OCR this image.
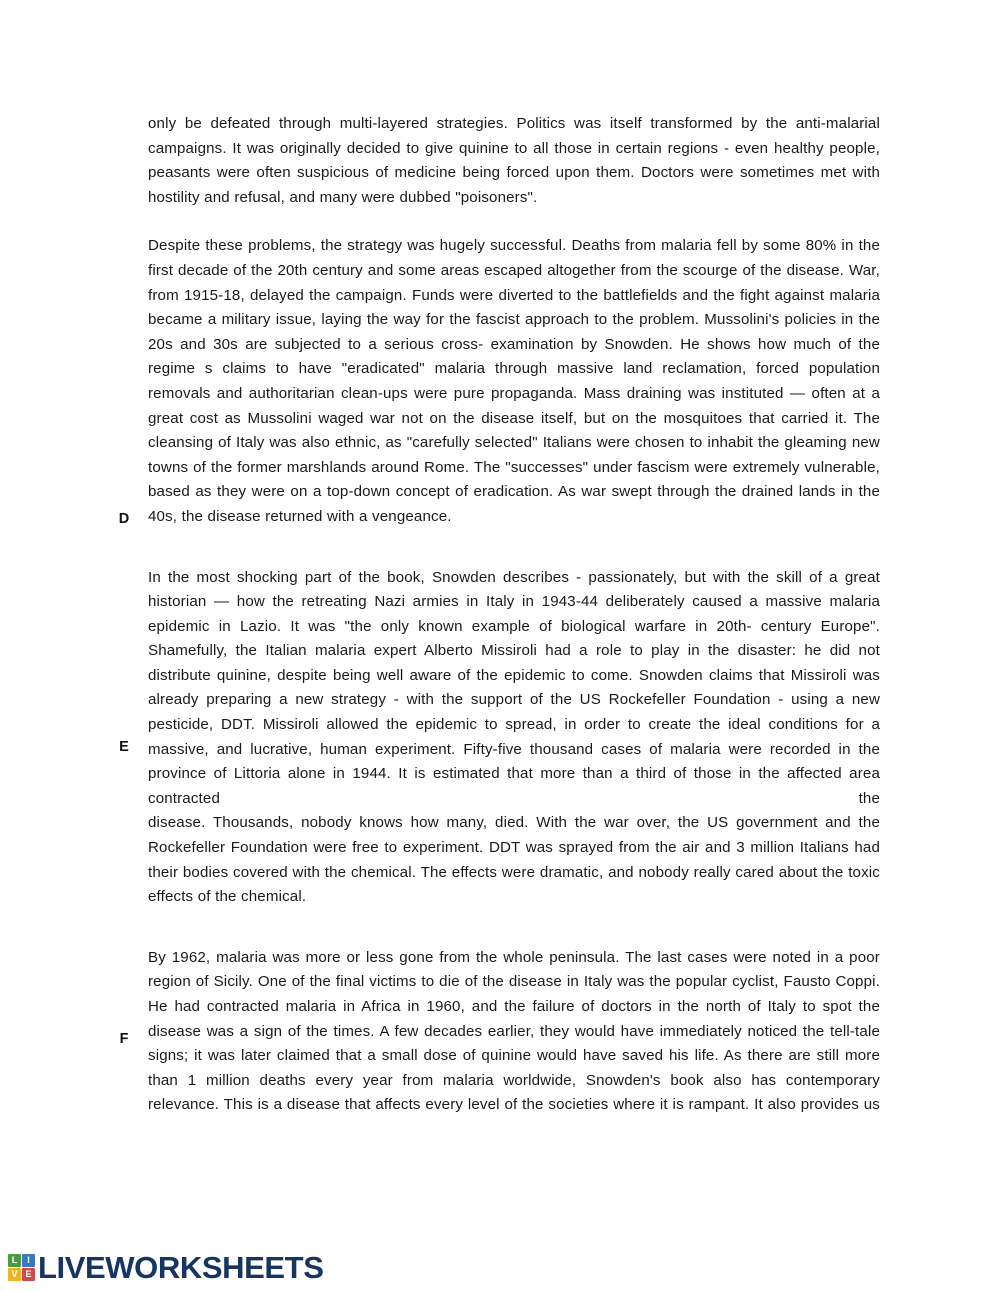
only be defeated through multi-layered strategies. Politics was itself transformed by the anti-malarial campaigns. It was originally decided to give quinine to all those in certain regions - even healthy people, peasants were often suspicious of medicine being forced upon them. Doctors were sometimes met with hostility and refusal, and many were dubbed "poisoners".

D

Despite these problems, the strategy was hugely successful. Deaths from malaria fell by some 80% in the first decade of the 20th century and some areas escaped altogether from the scourge of the disease. War, from 1915-18, delayed the campaign. Funds were diverted to the battlefields and the fight against malaria became a military issue, laying the way for the fascist approach to the problem. Mussolini's policies in the 20s and 30s are subjected to a serious cross- examination by Snowden. He shows how much of the regime s claims to have "eradicated" malaria through massive land reclamation, forced population removals and authoritarian clean-ups were pure propaganda. Mass draining was instituted — often at a great cost as Mussolini waged war not on the disease itself, but on the mosquitoes that carried it. The cleansing of Italy was also ethnic, as "carefully selected" Italians were chosen to inhabit the gleaming new towns of the former marshlands around Rome. The "successes" under fascism were extremely vulnerable, based as they were on a top-down concept of eradication. As war swept through the drained lands in the 40s, the disease returned with a vengeance.

E

In the most shocking part of the book, Snowden describes - passionately, but with the skill of a great historian — how the retreating Nazi armies in Italy in 1943-44 deliberately caused a massive malaria epidemic in Lazio. It was "the only known example of biological warfare in 20th- century Europe". Shamefully, the Italian malaria expert Alberto Missiroli had a role to play in the disaster: he did not distribute quinine, despite being well aware of the epidemic to come. Snowden claims that Missiroli was already preparing a new strategy - with the support of the US Rockefeller Foundation - using a new pesticide, DDT. Missiroli allowed the epidemic to spread, in order to create the ideal conditions for a massive, and lucrative, human experiment. Fifty-five thousand cases of malaria were recorded in the province of Littoria alone in 1944. It is estimated that more than a third of those in the affected area contracted the

disease. Thousands, nobody knows how many, died. With the war over, the US government and the Rockefeller Foundation were free to experiment. DDT was sprayed from the air and 3 million Italians had their bodies covered with the chemical. The effects were dramatic, and nobody really cared about the toxic effects of the chemical.

F

By 1962, malaria was more or less gone from the whole peninsula. The last cases were noted in a poor region of Sicily. One of the final victims to die of the disease in Italy was the popular cyclist, Fausto Coppi. He had contracted malaria in Africa in 1960, and the failure of doctors in the north of Italy to spot the disease was a sign of the times. A few decades earlier, they would have immediately noticed the tell-tale signs; it was later claimed that a small dose of quinine would have saved his life. As there are still more than 1 million deaths every year from malaria worldwide, Snowden's book also has contemporary relevance. This is a disease that affects every level of the societies where it is rampant. It also provides us

L	I
V E LIVEWORKSHEETS
